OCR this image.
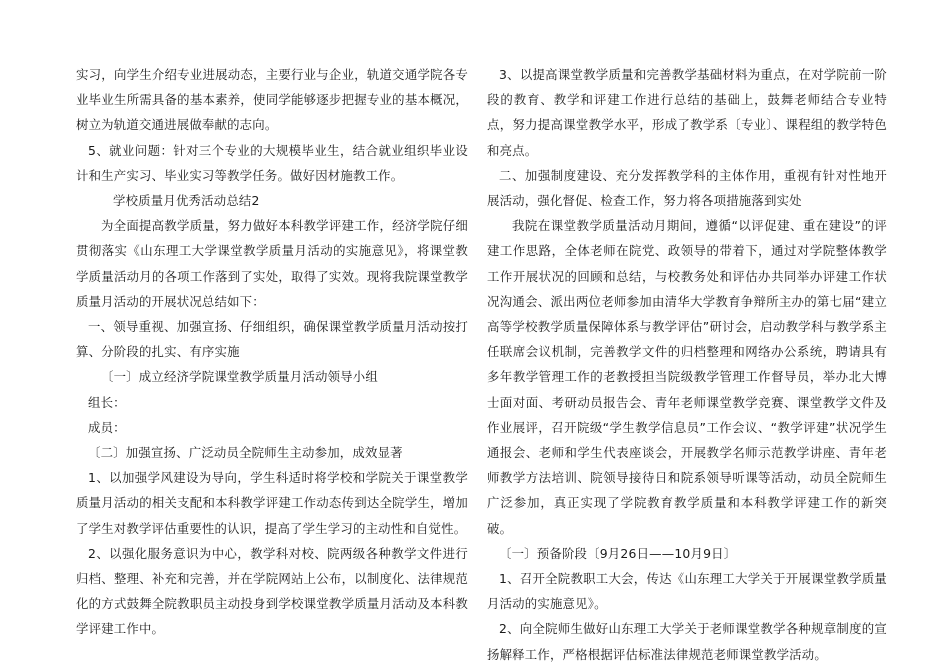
实习，向学生介绍专业进展动态，主要行业与企业，轨道交通学院各专业毕业生所需具备的基本素养，使同学能够逐步把握专业的基本概况，树立为轨道交通进展做奉献的志向。

5、就业问题：针对三个专业的大规模毕业生，结合就业组织毕业设计和生产实习、毕业实习等教学任务。做好因材施教工作。

学校质量月优秀活动总结2

为全面提高教学质量，努力做好本科教学评建工作，经济学院仔细贯彻落实《山东理工大学课堂教学质量月活动的实施意见》，将课堂教学质量活动月的各项工作落到了实处，取得了实效。现将我院课堂教学质量月活动的开展状况总结如下：

一、领导重视、加强宣扬、仔细组织，确保课堂教学质量月活动按打算、分阶段的扎实、有序实施

〔一〕成立经济学院课堂教学质量月活动领导小组

组长：

成员：

〔二〕加强宣扬、广泛动员全院师生主动参加，成效显著

1、以加强学风建设为导向，学生科适时将学校和学院关于课堂教学质量月活动的相关支配和本科教学评建工作动态传到达全院学生，增加了学生对教学评估重要性的认识，提高了学生学习的主动性和自觉性。

2、以强化服务意识为中心，教学科对校、院两级各种教学文件进行归档、整理、补充和完善，并在学院网站上公布，以制度化、法律规范化的方式鼓舞全院教职员主动投身到学校课堂教学质量月活动及本科教学评建工作中。

3、以提高课堂教学质量和完善教学基础材料为重点，在对学院前一阶段的教育、教学和评建工作进行总结的基础上，鼓舞老师结合专业特点，努力提高课堂教学水平，形成了教学系〔专业〕、课程组的教学特色和亮点。

二、加强制度建设、充分发挥教学科的主体作用，重视有针对性地开展活动，强化督促、检查工作，努力将各项措施落到实处

我院在课堂教学质量活动月期间，遵循“以评促建、重在建设”的评建工作思路，全体老师在院党、政领导的带着下，通过对学院整体教学工作开展状况的回顾和总结，与校教务处和评估办共同举办评建工作状况沟通会、派出两位老师参加由清华大学教育争辩所主办的第七届“建立高等学校教学质量保障体系与教学评估”研讨会，启动教学科与教学系主任联席会议机制，完善教学文件的归档整理和网络办公系统，聘请具有多年教学管理工作的老教授担当院级教学管理工作督导员，举办北大博士面对面、考研动员报告会、青年老师课堂教学竞赛、课堂教学文件及作业展评，召开院级“学生教学信息员”工作会议、“教学评建”状况学生通报会、老师和学生代表座谈会，开展教学名师示范教学讲座、青年老师教学方法培训、院领导接待日和院系领导听课等活动，动员全院师生广泛参加，真正实现了学院教育教学质量和本科教学评建工作的新突破。

〔一〕预备阶段〔9月26日——10月9日〕

1、召开全院教职工大会，传达《山东理工大学关于开展课堂教学质量月活动的实施意见》。

2、向全院师生做好山东理工大学关于老师课堂教学各种规章制度的宣扬解释工作，严格根据评估标准法律规范老师课堂教学活动。
